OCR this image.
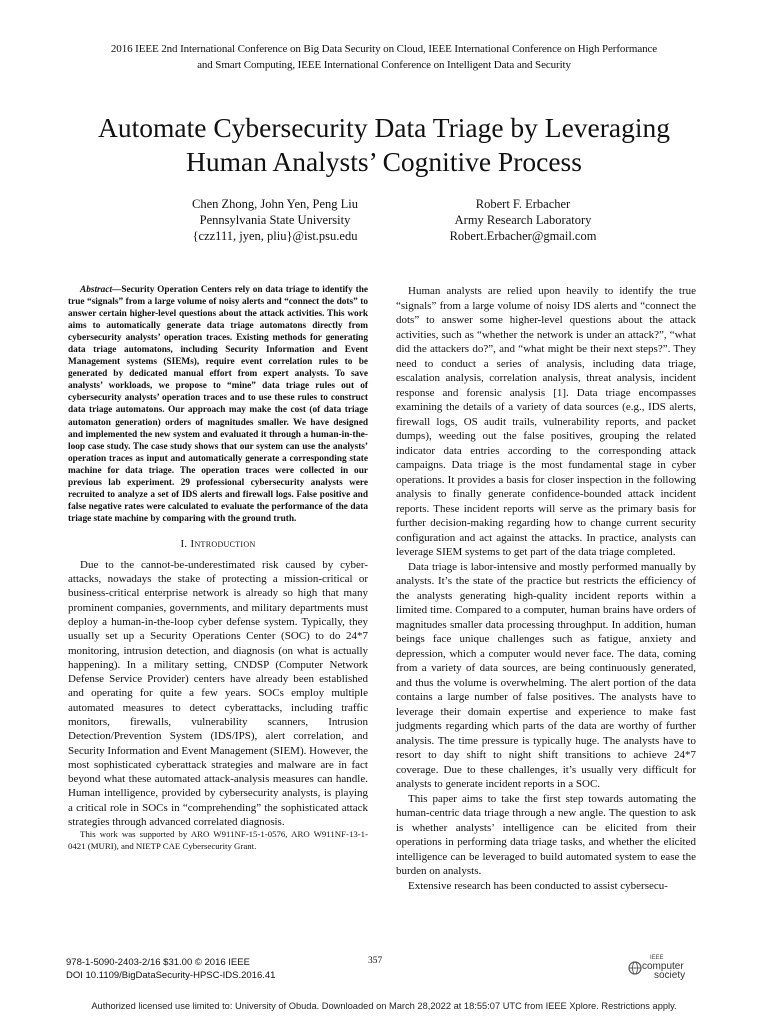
2016 IEEE 2nd International Conference on Big Data Security on Cloud, IEEE International Conference on High Performance
and Smart Computing, IEEE International Conference on Intelligent Data and Security
Automate Cybersecurity Data Triage by Leveraging
Human Analysts’ Cognitive Process
Chen Zhong, John Yen, Peng Liu
Pennsylvania State University
{czz111, jyen, pliu}@ist.psu.edu
Robert F. Erbacher
Army Research Laboratory
Robert.Erbacher@gmail.com

Abstract—Security Operation Centers rely on data triage to identify the true “signals” from a large volume of noisy alerts and “connect the dots” to answer certain higher-level questions about the attack activities. This work aims to automatically generate data triage automatons directly from cybersecurity analysts’ operation traces. Existing methods for generating data triage automatons, including Security Information and Event Management systems (SIEMs), require event correlation rules to be generated by dedicated manual effort from expert analysts. To save analysts’ workloads, we propose to “mine” data triage rules out of cybersecurity analysts’ operation traces and to use these rules to construct data triage automatons. Our approach may make the cost (of data triage automaton generation) orders of magnitudes smaller. We have designed and implemented the new system and evaluated it through a human-in-the-loop case study. The case study shows that our system can use the analysts’ operation traces as input and automatically generate a corresponding state machine for data triage. The operation traces were collected in our previous lab experiment. 29 professional cybersecurity analysts were recruited to analyze a set of IDS alerts and firewall logs. False positive and false negative rates were calculated to evaluate the performance of the data triage state machine by comparing with the ground truth.

I. Introduction

Due to the cannot-be-underestimated risk caused by cyber-attacks, nowadays the stake of protecting a mission-critical or business-critical enterprise network is already so high that many prominent companies, governments, and military departments must deploy a human-in-the-loop cyber defense system. Typically, they usually set up a Security Operations Center (SOC) to do 24*7 monitoring, intrusion detection, and diagnosis (on what is actually happening). In a military setting, CNDSP (Computer Network Defense Service Provider) centers have already been established and operating for quite a few years. SOCs employ multiple automated measures to detect cyberattacks, including traffic monitors, firewalls, vulnerability scanners, Intrusion Detection/Prevention System (IDS/IPS), alert correlation, and Security Information and Event Management (SIEM). However, the most sophisticated cyberattack strategies and malware are in fact beyond what these automated attack-analysis measures can handle. Human intelligence, provided by cybersecurity analysts, is playing a critical role in SOCs in “comprehending” the sophisticated attack strategies through advanced correlated diagnosis.

This work was supported by ARO W911NF-15-1-0576, ARO W911NF-13-1-0421 (MURI), and NIETP CAE Cybersecurity Grant.

Human analysts are relied upon heavily to identify the true “signals” from a large volume of noisy IDS alerts and “connect the dots” to answer some higher-level questions about the attack activities, such as “whether the network is under an attack?”, “what did the attackers do?”, and “what might be their next steps?”. They need to conduct a series of analysis, including data triage, escalation analysis, correlation analysis, threat analysis, incident response and forensic analysis [1]. Data triage encompasses examining the details of a variety of data sources (e.g., IDS alerts, firewall logs, OS audit trails, vulnerability reports, and packet dumps), weeding out the false positives, grouping the related indicator data entries according to the corresponding attack campaigns. Data triage is the most fundamental stage in cyber operations. It provides a basis for closer inspection in the following analysis to finally generate confidence-bounded attack incident reports. These incident reports will serve as the primary basis for further decision-making regarding how to change current security configuration and act against the attacks. In practice, analysts can leverage SIEM systems to get part of the data triage completed.

Data triage is labor-intensive and mostly performed manually by analysts. It’s the state of the practice but restricts the efficiency of the analysts generating high-quality incident reports within a limited time. Compared to a computer, human brains have orders of magnitudes smaller data processing throughput. In addition, human beings face unique challenges such as fatigue, anxiety and depression, which a computer would never face. The data, coming from a variety of data sources, are being continuously generated, and thus the volume is overwhelming. The alert portion of the data contains a large number of false positives. The analysts have to leverage their domain expertise and experience to make fast judgments regarding which parts of the data are worthy of further analysis. The time pressure is typically huge. The analysts have to resort to day shift to night shift transitions to achieve 24*7 coverage. Due to these challenges, it’s usually very difficult for analysts to generate incident reports in a SOC.

This paper aims to take the first step towards automating the human-centric data triage through a new angle. The question to ask is whether analysts’ intelligence can be elicited from their operations in performing data triage tasks, and whether the elicited intelligence can be leveraged to build automated system to ease the burden on analysts.

Extensive research has been conducted to assist cybersecu-

978-1-5090-2403-2/16 $31.00 © 2016 IEEE
DOI 10.1109/BigDataSecurity-HPSC-IDS.2016.41
357	IEEE
computer
society
Authorized licensed use limited to: University of Obuda. Downloaded on March 28,2022 at 18:55:07 UTC from IEEE Xplore. Restrictions apply.
